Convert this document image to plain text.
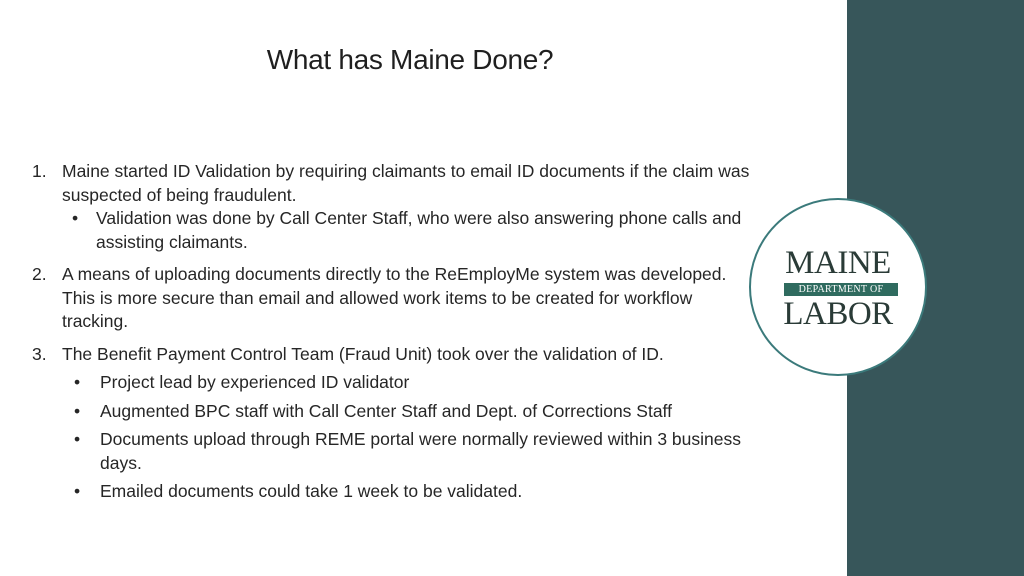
What has Maine Done?
1. Maine started ID Validation by requiring claimants to email ID documents if the claim was suspected of being fraudulent.
• Validation was done by Call Center Staff, who were also answering phone calls and assisting claimants.
2. A means of uploading documents directly to the ReEmployMe system was developed. This is more secure than email and allowed work items to be created for workflow tracking.
3. The Benefit Payment Control Team (Fraud Unit) took over the validation of ID.
• Project lead by experienced ID validator
• Augmented BPC staff with Call Center Staff and Dept. of Corrections Staff
• Documents upload through REME portal were normally reviewed within 3 business days.
• Emailed documents could take 1 week to be validated.
MAINE
DEPARTMENT OF
LABOR
